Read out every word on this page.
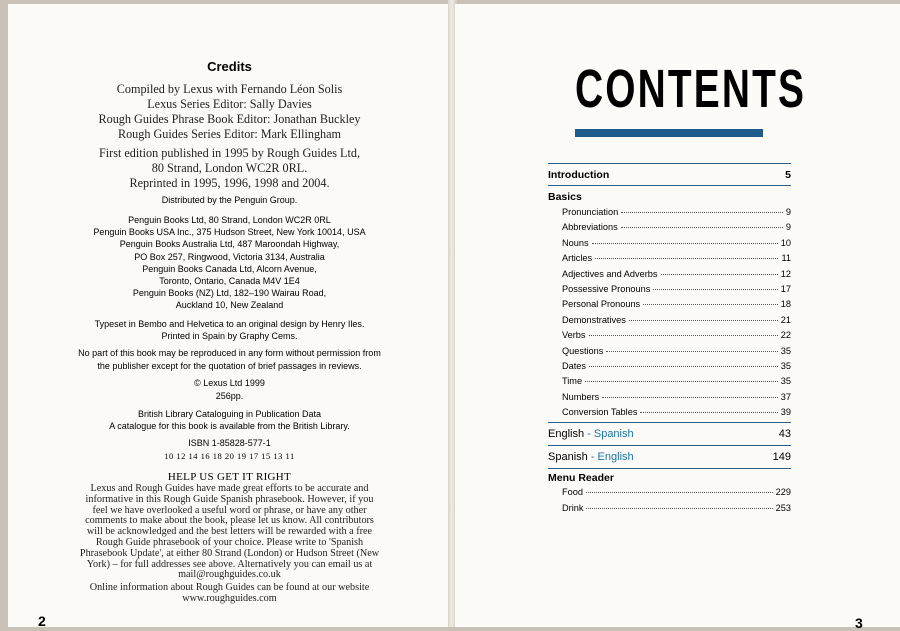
Credits

Compiled by Lexus with Fernando Léon Solis

Lexus Series Editor: Sally Davies

Rough Guides Phrase Book Editor: Jonathan Buckley

Rough Guides Series Editor: Mark Ellingham

First edition published in 1995 by Rough Guides Ltd,

80 Strand, London WC2R 0RL.

Reprinted in 1995, 1996, 1998 and 2004.

Distributed by the Penguin Group.

Penguin Books Ltd, 80 Strand, London WC2R 0RL

Penguin Books USA Inc., 375 Hudson Street, New York 10014, USA

Penguin Books Australia Ltd, 487 Maroondah Highway,

PO Box 257, Ringwood, Victoria 3134, Australia

Penguin Books Canada Ltd, Alcorn Avenue,

Toronto, Ontario, Canada M4V 1E4

Penguin Books (NZ) Ltd, 182–190 Wairau Road,

Auckland 10, New Zealand

Typeset in Bembo and Helvetica to an original design by Henry Iles.

Printed in Spain by Graphy Cems.

No part of this book may be reproduced in any form without permission from

the publisher except for the quotation of brief passages in reviews.

© Lexus Ltd 1999

256pp.

British Library Cataloguing in Publication Data

A catalogue for this book is available from the British Library.

ISBN 1-85828-577-1
10 12 14 16 18 20 19 17 15 13 11
HELP US GET IT RIGHT

Lexus and Rough Guides have made great efforts to be accurate and

informative in this Rough Guide Spanish phrasebook. However, if you

feel we have overlooked a useful word or phrase, or have any other

comments to make about the book, please let us know. All contributors

will be acknowledged and the best letters will be rewarded with a free

Rough Guide phrasebook of your choice. Please write to 'Spanish

Phrasebook Update', at either 80 Strand (London) or Hudson Street (New

York) – for full addresses see above. Alternatively you can email us at

mail@roughguides.co.uk

Online information about Rough Guides can be found at our website

www.roughguides.com

2
CONTENTS
Introduction	5
Basics
Pronunciation	9
Abbreviations	9
Nouns	10
Articles	11
Adjectives and Adverbs	12
Possessive Pronouns	17
Personal Pronouns	18
Demonstratives	21
Verbs	22
Questions	35
Dates	35
Time	35
Numbers	37
Conversion Tables	39
English - Spanish	43
Spanish - English	149
Menu Reader
Food	229
Drink	253
3
